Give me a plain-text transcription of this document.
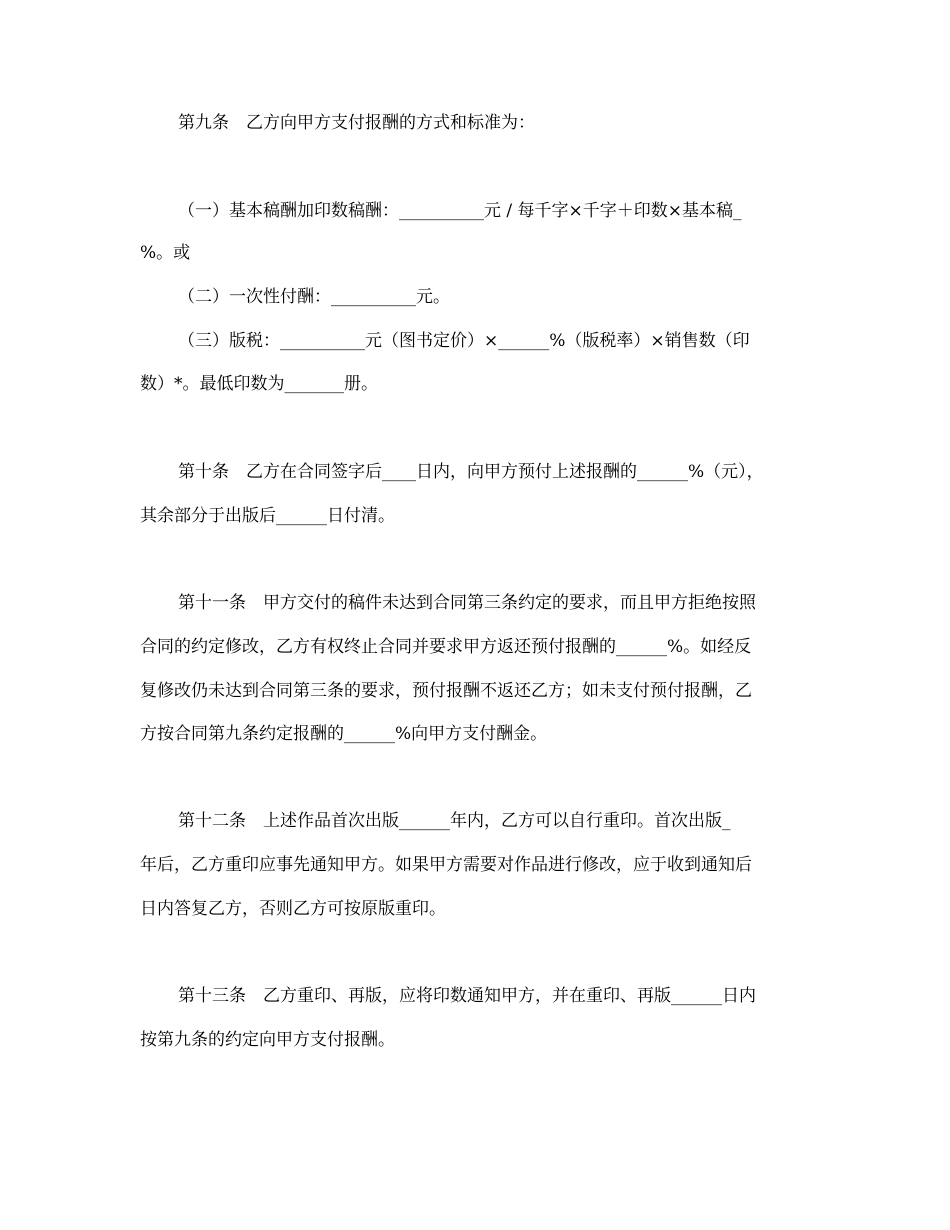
第九条　乙方向甲方支付报酬的方式和标准为：
（一）基本稿酬加印数稿酬：__________元 / 每千字×千字＋印数×基本稿_
%。或
（二）一次性付酬：__________元。
（三）版税：__________元（图书定价）×______%（版税率）×销售数（印
数）*。最低印数为_______册。
第十条　乙方在合同签字后____日内，向甲方预付上述报酬的______%（元），
其余部分于出版后______日付清。
第十一条　甲方交付的稿件未达到合同第三条约定的要求，而且甲方拒绝按照
合同的约定修改，乙方有权终止合同并要求甲方返还预付报酬的______%。如经反
复修改仍未达到合同第三条的要求，预付报酬不返还乙方；如未支付预付报酬，乙
方按合同第九条约定报酬的______%向甲方支付酬金。
第十二条　上述作品首次出版______年内，乙方可以自行重印。首次出版_
年后，乙方重印应事先通知甲方。如果甲方需要对作品进行修改，应于收到通知后
日内答复乙方，否则乙方可按原版重印。
第十三条　乙方重印、再版，应将印数通知甲方，并在重印、再版______日内
按第九条的约定向甲方支付报酬。
